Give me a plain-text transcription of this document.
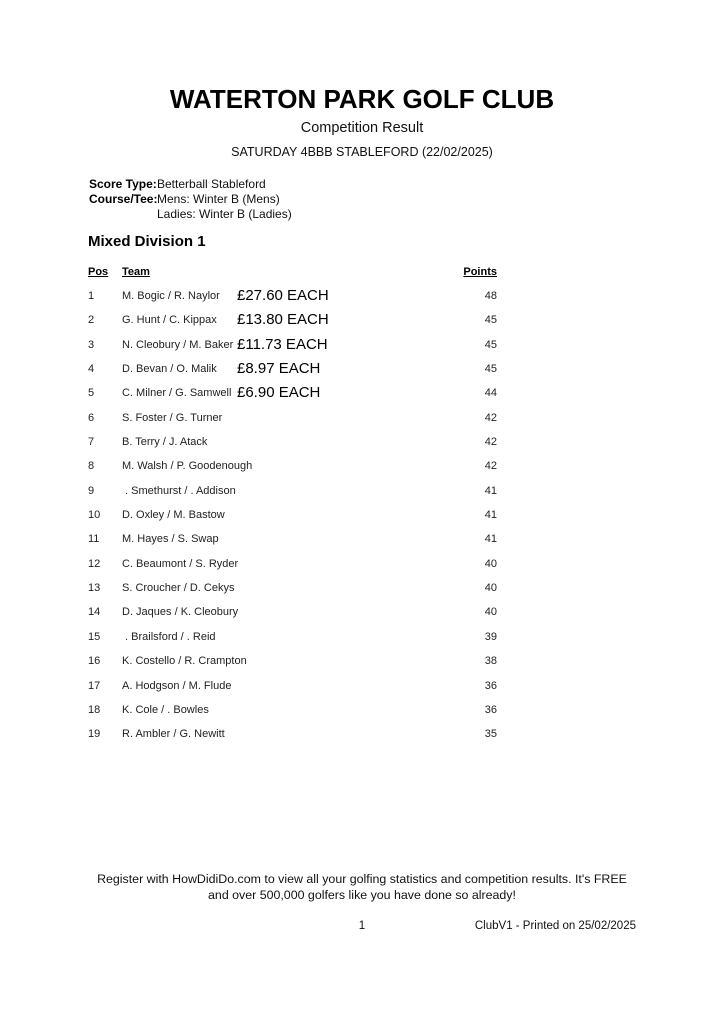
WATERTON PARK GOLF CLUB
Competition Result
SATURDAY 4BBB STABLEFORD (22/02/2025)
Score Type: Betterball Stableford
Course/Tee: Mens: Winter B (Mens)
Ladies: Winter B (Ladies)
Mixed Division 1
Pos Team	Points
1	M. Bogic / R. Naylor £27.60 EACH	48
2	G. Hunt / C. Kippax £13.80 EACH	45
3	N. Cleobury / M. Baker £11.73 EACH	45
4	D. Bevan / O. Malik £8.97 EACH	45
5	C. Milner / G. Samwell £6.90 EACH	44
6	S. Foster / G. Turner	42
7	B. Terry / J. Atack	42
8	M. Walsh / P. Goodenough	42
9	. Smethurst / . Addison	41
10 D. Oxley / M. Bastow	41
11 M. Hayes / S. Swap	41
12 C. Beaumont / S. Ryder	40
13 S. Croucher / D. Cekys	40
14 D. Jaques / K. Cleobury	40
15 . Brailsford / . Reid	39
16 K. Costello / R. Crampton	38
17 A. Hodgson / M. Flude	36
18 K. Cole / . Bowles	36
19 R. Ambler / G. Newitt	35
Register with HowDidiDo.com to view all your golfing statistics and competition results. It's FREE
and over 500,000 golfers like you have done so already!
1	ClubV1 - Printed on 25/02/2025
